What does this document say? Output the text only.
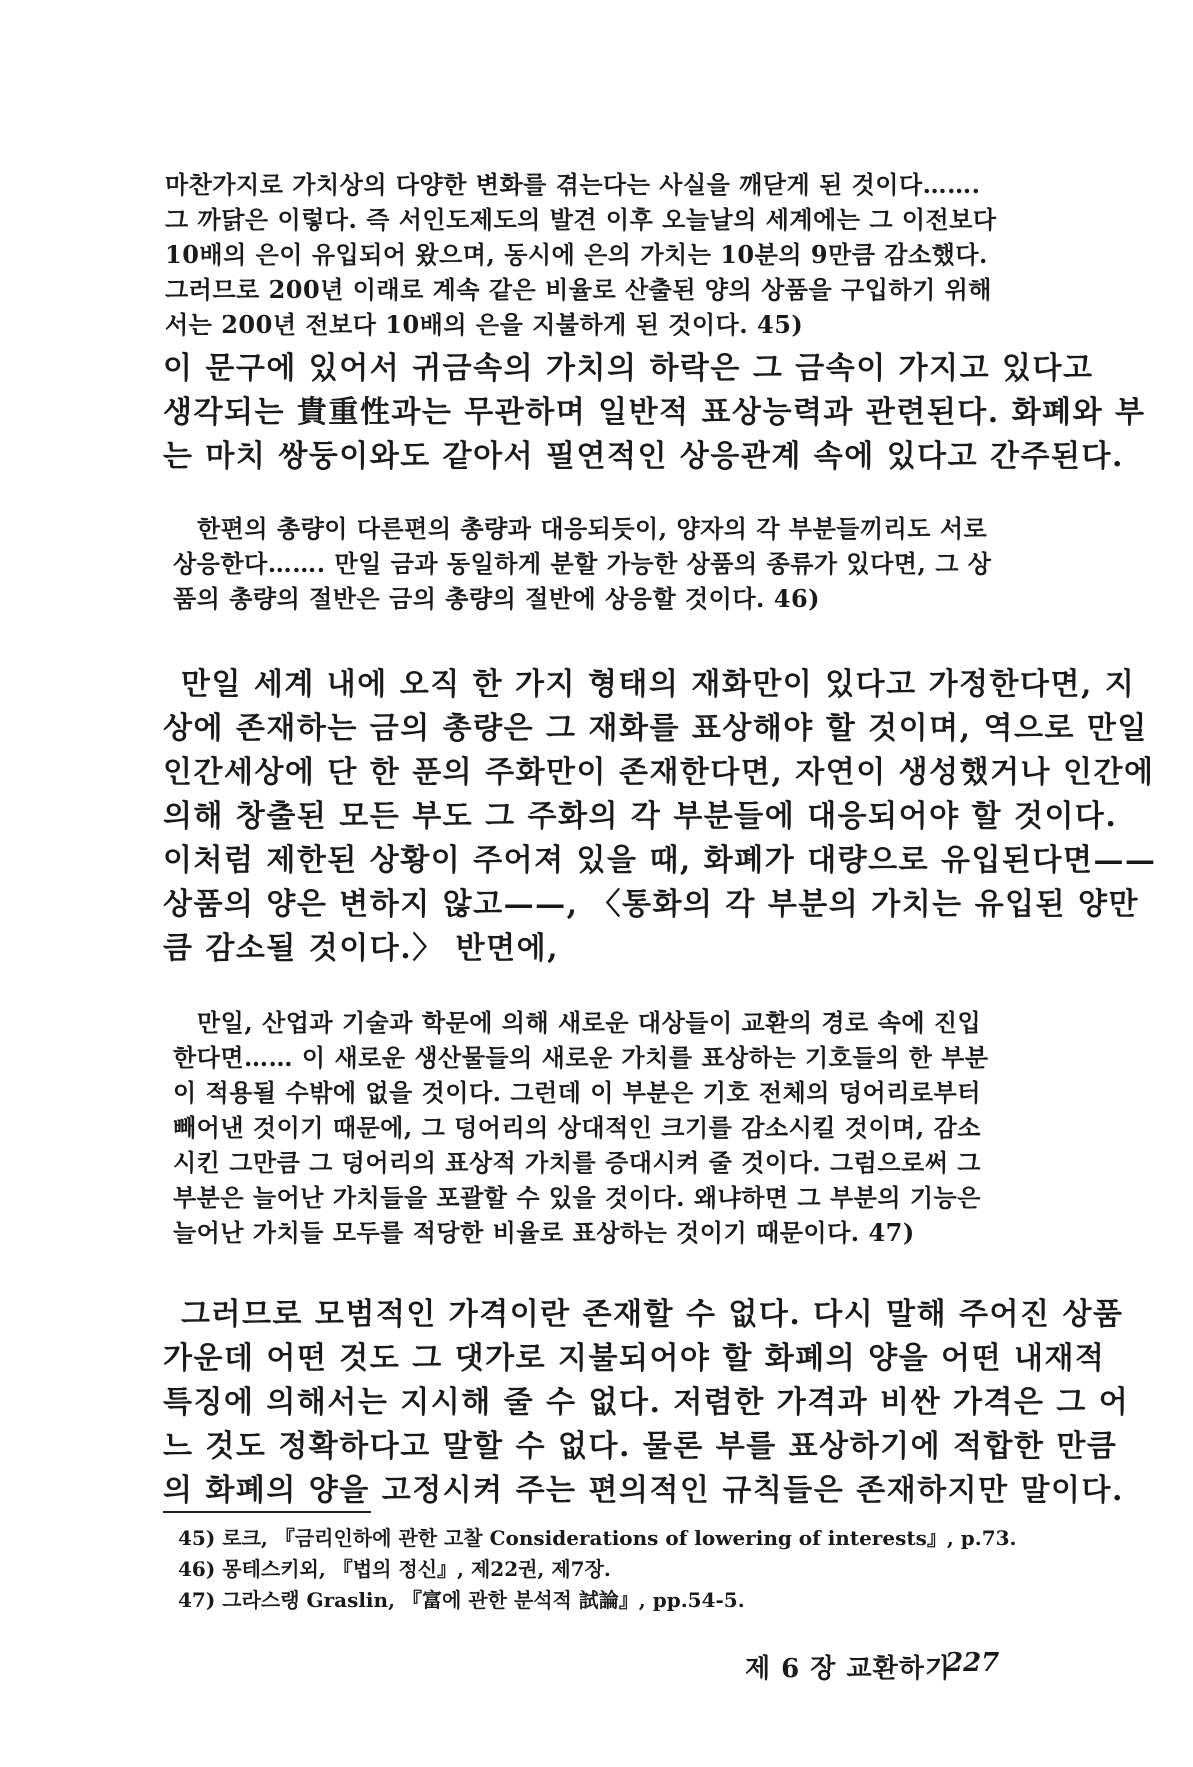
마찬가지로 가치상의 다양한 변화를 겪는다는 사실을 깨닫게 된 것이다…….
그 까닭은 이렇다. 즉 서인도제도의 발견 이후 오늘날의 세계에는 그 이전보다
10배의 은이 유입되어 왔으며, 동시에 은의 가치는 10분의 9만큼 감소했다.
그러므로 200년 이래로 계속 같은 비율로 산출된 양의 상품을 구입하기 위해
서는 200년 전보다 10배의 은을 지불하게 된 것이다. 45)
이 문구에 있어서 귀금속의 가치의 하락은 그 금속이 가지고 있다고
생각되는 貴重性과는 무관하며 일반적 표상능력과 관련된다. 화폐와 부
는 마치 쌍둥이와도 같아서 필연적인 상응관계 속에 있다고 간주된다.
한편의 총량이 다른편의 총량과 대응되듯이, 양자의 각 부분들끼리도 서로
상응한다……. 만일 금과 동일하게 분할 가능한 상품의 종류가 있다면, 그 상
품의 총량의 절반은 금의 총량의 절반에 상응할 것이다. 46)
만일 세계 내에 오직 한 가지 형태의 재화만이 있다고 가정한다면, 지
상에 존재하는 금의 총량은 그 재화를 표상해야 할 것이며, 역으로 만일
인간세상에 단 한 푼의 주화만이 존재한다면, 자연이 생성했거나 인간에
의해 창출된 모든 부도 그 주화의 각 부분들에 대응되어야 할 것이다.
이처럼 제한된 상황이 주어져 있을 때, 화폐가 대량으로 유입된다면——
상품의 양은 변하지 않고——, 〈통화의 각 부분의 가치는 유입된 양만
큼 감소될 것이다.〉 반면에,
만일, 산업과 기술과 학문에 의해 새로운 대상들이 교환의 경로 속에 진입
한다면…… 이 새로운 생산물들의 새로운 가치를 표상하는 기호들의 한 부분
이 적용될 수밖에 없을 것이다. 그런데 이 부분은 기호 전체의 덩어리로부터
빼어낸 것이기 때문에, 그 덩어리의 상대적인 크기를 감소시킬 것이며, 감소
시킨 그만큼 그 덩어리의 표상적 가치를 증대시켜 줄 것이다. 그럼으로써 그
부분은 늘어난 가치들을 포괄할 수 있을 것이다. 왜냐하면 그 부분의 기능은
늘어난 가치들 모두를 적당한 비율로 표상하는 것이기 때문이다. 47)
그러므로 모범적인 가격이란 존재할 수 없다. 다시 말해 주어진 상품
가운데 어떤 것도 그 댓가로 지불되어야 할 화폐의 양을 어떤 내재적
특징에 의해서는 지시해 줄 수 없다. 저렴한 가격과 비싼 가격은 그 어
느 것도 정확하다고 말할 수 없다. 물론 부를 표상하기에 적합한 만큼
의 화폐의 양을 고정시켜 주는 편의적인 규칙들은 존재하지만 말이다.
45) 로크, 『금리인하에 관한 고찰 Considerations of lowering of interests』, p.73.
46) 몽테스키외, 『법의 정신』, 제22권, 제7장.
47) 그라스랭 Graslin, 『富에 관한 분석적 試論』, pp.54-5.
제 6 장 교환하기
227
